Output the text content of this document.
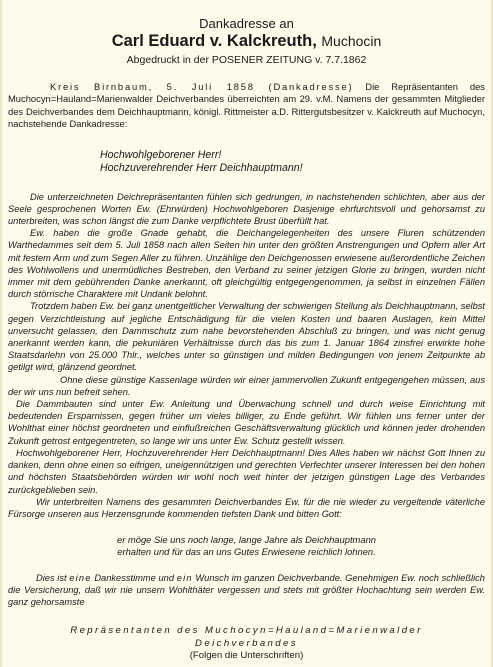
Dankadresse an
Carl Eduard v. Kalckreuth, Muchocin
Abgedruckt in der POSENER ZEITUNG v. 7.7.1862
Kreis Birnbaum, 5. Juli 1858 (Dankadresse) Die Repräsentanten des Muchocyn=Hauland=Marienwalder Deichverbandes überreichten am 29. v.M. Namens der gesammten Mitglieder des Deichverbandes dem Deichhauptmann, königl. Rittmeister a.D. Rittergutsbesitzer v. Kalckreuth auf Muchocyn, nachstehende Dankadresse:
Hochwohlgeborener Herr!
Hochzuverehrender Herr Deichhauptmann!

Die unterzeichneten Deichrepräsentanten fühlen sich gedrungen, in nachstehenden schlichten, aber aus der Seele gesprochenen Worten Ew. (Ehrwürden) Hochwohlgeboren Dasjenige ehrfurchtsvoll und gehorsamst zu unterbreiten, was schon längst die zum Danke verpflichtete Brust überfüllt hat.

Ew. haben die große Gnade gehabt, die Deichangelegenheiten des unsere Fluren schützenden Warthedammes seit dem 5. Juli 1858 nach allen Seiten hin unter den größten Anstrengungen und Opfern aller Art mit festem Arm und zum Segen Aller zu führen. Unzählige den Deichgenossen erwiesene außerordentliche Zeichen des Wohlwollens und unermüdliches Bestreben, den Verband zu seiner jetzigen Glorie zu bringen, wurden nicht immer mit dem gebührenden Danke anerkannt, oft gleichgültig entgegengenommen, ja selbst in einzelnen Fällen durch störrische Charaktere mit Undank belohnt.

Trotzdem haben Ew. bei ganz unentgeltlicher Verwaltung der schwierigen Stellung als Deichhauptmann, selbst gegen Verzichtleistung auf jegliche Entschädigung für die vielen Kosten und baaren Auslagen, kein Mittel unversucht gelassen, den Dammschutz zum nahe bevorstehenden Abschluß zu bringen, und was nicht genug anerkannt werden kann, die pekuniären Verhältnisse durch das bis zum 1. Januar 1864 zinsfrei erwirkte hohe Staatsdarlehn von 25.000 Thlr., welches unter so günstigen und milden Bedingungen von jenem Zeitpunkte ab getilgt wird, glänzend geordnet.

Ohne diese günstige Kassenlage würden wir einer jammervollen Zukunft entgegengehen müssen, aus der wir uns nun befreit sehen.

Die Dammbauten sind unter Ew. Anleitung und Überwachung schnell und durch weise Einrichtung mit bedeutenden Ersparnissen, gegen früher um vieles billiger, zu Ende geführt. Wir fühlen uns ferner unter der Wohlthat einer höchst geordneten und einflußreichen Geschäftsverwaltung glücklich und können jeder drohenden Zukunft getrost entgegentreten, so lange wir uns unter Ew. Schutz gestellt wissen.

Hochwohlgeborener Herr, Hochzuverehrender Herr Deichhauptmann! Dies Alles haben wir nächst Gott Ihnen zu danken, denn ohne einen so eifrigen, uneigennützigen und gerechten Verfechter unserer Interessen bei den hohen und höchsten Staatsbehörden würden wir wohl noch weit hinter der jetzigen günstigen Lage des Verbandes zurückgeblieben sein.

Wir unterbreiten Namens des gesammten Deichverbandes Ew. für die nie wieder zu vergeltende väterliche Fürsorge unseren aus Herzensgrunde kommenden tiefsten Dank und bitten Gott:

er möge Sie uns noch lange, lange Jahre als Deichhauptmann
erhalten und für das an uns Gutes Erwiesene reichlich lohnen.
Dies ist eine Dankesstimme und ein Wunsch im ganzen Deichverbande. Genehmigen Ew. noch schließlich die Versicherung, daß wir nie unsern Wohlthäter vergessen und stets mit größter Hochachtung sein werden Ew. ganz gehorsamste
Repräsentanten des Muchocyn=Hauland=Marienwalder
Deichverbandes
(Folgen die Unterschriften)
